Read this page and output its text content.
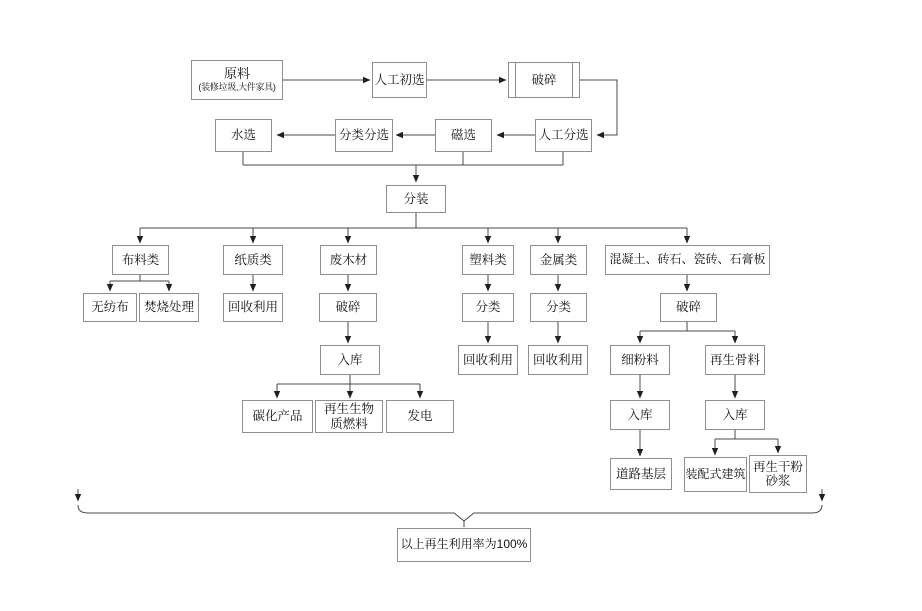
原料
(装修垃圾,大件家具)
人工初选	破碎
水选	分类分选	磁选	人工分选
分装
布料类	纸质类	废木材	塑料类	金属类	混凝土、砖石、瓷砖、石膏板
无纺布	焚烧处理	回收利用	破碎	分类	分类	破碎
入库	回收利用	回收利用	细粉料	再生骨料
碳化产品
再生生物质燃料
发电	入库	入库
道路基层	装配式建筑 再生干粉砂浆
以上再生利用率为100%
